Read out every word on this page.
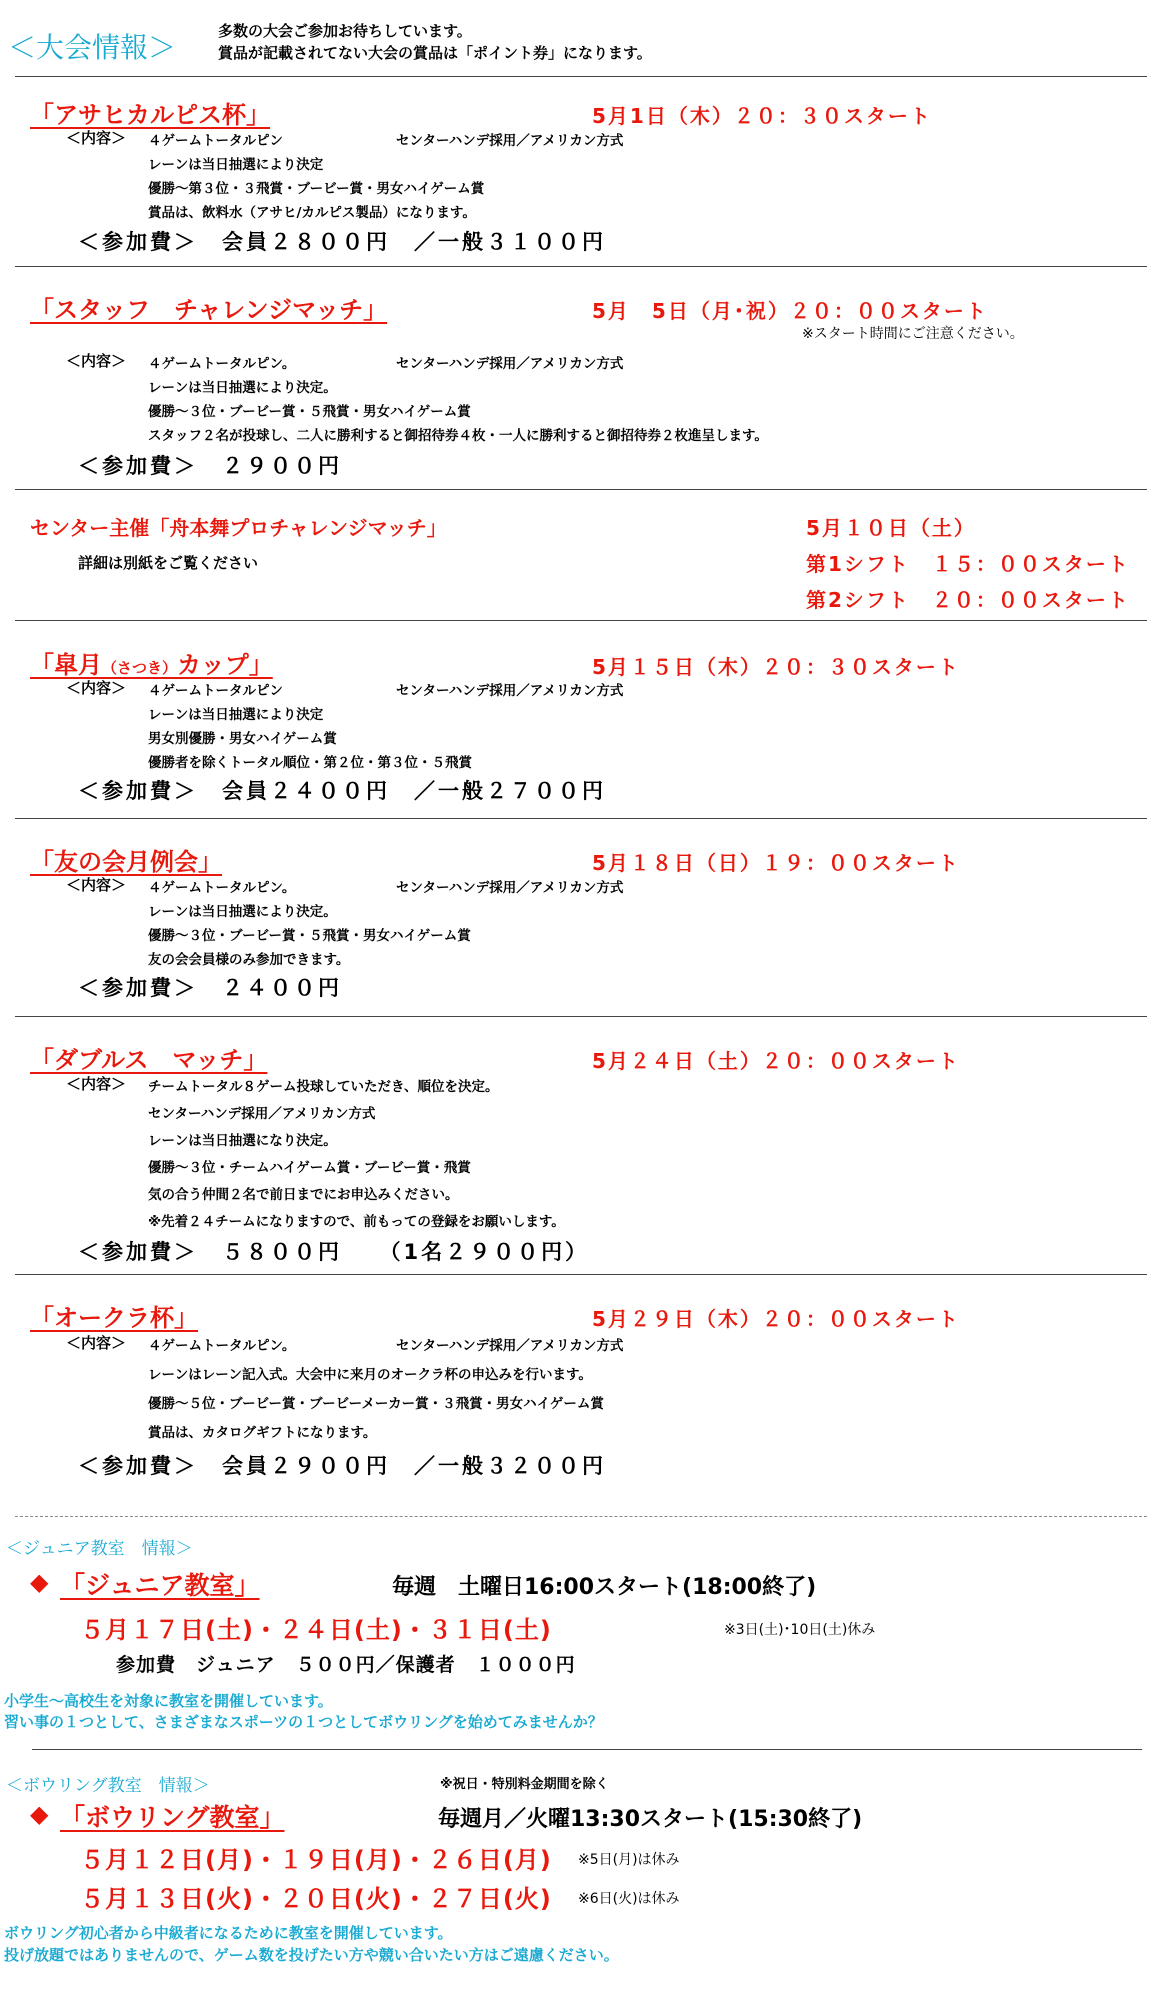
＜大会情報＞	多数の大会ご参加お待ちしています。
賞品が記載されてない大会の賞品は「ポイント券」になります。
「アサヒカルピス杯」	5月1日（木）２０：３０スタート
＜内容＞ ４ゲームトータルピン	センターハンデ採用／アメリカン方式
レーンは当日抽選により決定
優勝～第３位・３飛賞・ブービー賞・男女ハイゲーム賞
賞品は、飲料水（アサヒ/カルピス製品）になります。
＜参加費＞　会員２８００円　／一般３１００円
「スタッフ　チャレンジマッチ」	5月　5日（月･祝）２０：００スタート
※スタート時間にご注意ください。
＜内容＞ ４ゲームトータルピン。	センターハンデ採用／アメリカン方式
レーンは当日抽選により決定。
優勝～３位・ブービー賞・５飛賞・男女ハイゲーム賞
スタッフ２名が投球し、二人に勝利すると御招待券４枚・一人に勝利すると御招待券２枚進呈します。
＜参加費＞　２９００円
センター主催「舟本舞プロチャレンジマッチ」	5月１０日（土）
詳細は別紙をご覧ください	第1シフト　１５：００スタート
第2シフト　２０：００スタート
「皐月（さつき）カップ」	5月１５日（木）２０：３０スタート
＜内容＞ ４ゲームトータルピン	センターハンデ採用／アメリカン方式
レーンは当日抽選により決定
男女別優勝・男女ハイゲーム賞
優勝者を除くトータル順位・第２位・第３位・５飛賞
＜参加費＞　会員２４００円　／一般２７００円
「友の会月例会」	5月１８日（日）１９：００スタート
＜内容＞ ４ゲームトータルピン。	センターハンデ採用／アメリカン方式
レーンは当日抽選により決定。
優勝～３位・ブービー賞・５飛賞・男女ハイゲーム賞
友の会会員様のみ参加できます。
＜参加費＞　２４００円
「ダブルス　マッチ」	5月２４日（土）２０：００スタート
＜内容＞ チームトータル８ゲーム投球していただき、順位を決定。
センターハンデ採用／アメリカン方式
レーンは当日抽選になり決定。
優勝～３位・チームハイゲーム賞・ブービー賞・飛賞
気の合う仲間２名で前日までにお申込みください。
※先着２４チームになりますので、前もっての登録をお願いします。
＜参加費＞　５８００円　　（1名２９００円）
「オークラ杯」	5月２９日（木）２０：００スタート
＜内容＞ ４ゲームトータルピン。	センターハンデ採用／アメリカン方式
レーンはレーン記入式。大会中に来月のオークラ杯の申込みを行います。
優勝～５位・ブービー賞・ブービーメーカー賞・３飛賞・男女ハイゲーム賞
賞品は、カタログギフトになります。
＜参加費＞　会員２９００円　／一般３２００円
＜ジュニア教室　情報＞
◆ 「ジュニア教室」	毎週　土曜日16:00スタート(18:00終了)
５月１７日(土)・２４日(土)・３１日(土)	※3日(土)･10日(土)休み
参加費　ジュニア　５００円／保護者　１０００円
小学生～高校生を対象に教室を開催しています。
習い事の１つとして、さまざまなスポーツの１つとしてボウリングを始めてみませんか？
＜ボウリング教室　情報＞	※祝日・特別料金期間を除く
◆ 「ボウリング教室」	毎週月／火曜13:30スタート(15:30終了)
５月１２日(月)・１９日(月)・２６日(月) ※5日(月)は休み
５月１３日(火)・２０日(火)・２７日(火) ※6日(火)は休み
ボウリング初心者から中級者になるために教室を開催しています。
投げ放題ではありませんので、ゲーム数を投げたい方や競い合いたい方はご遠慮ください。
